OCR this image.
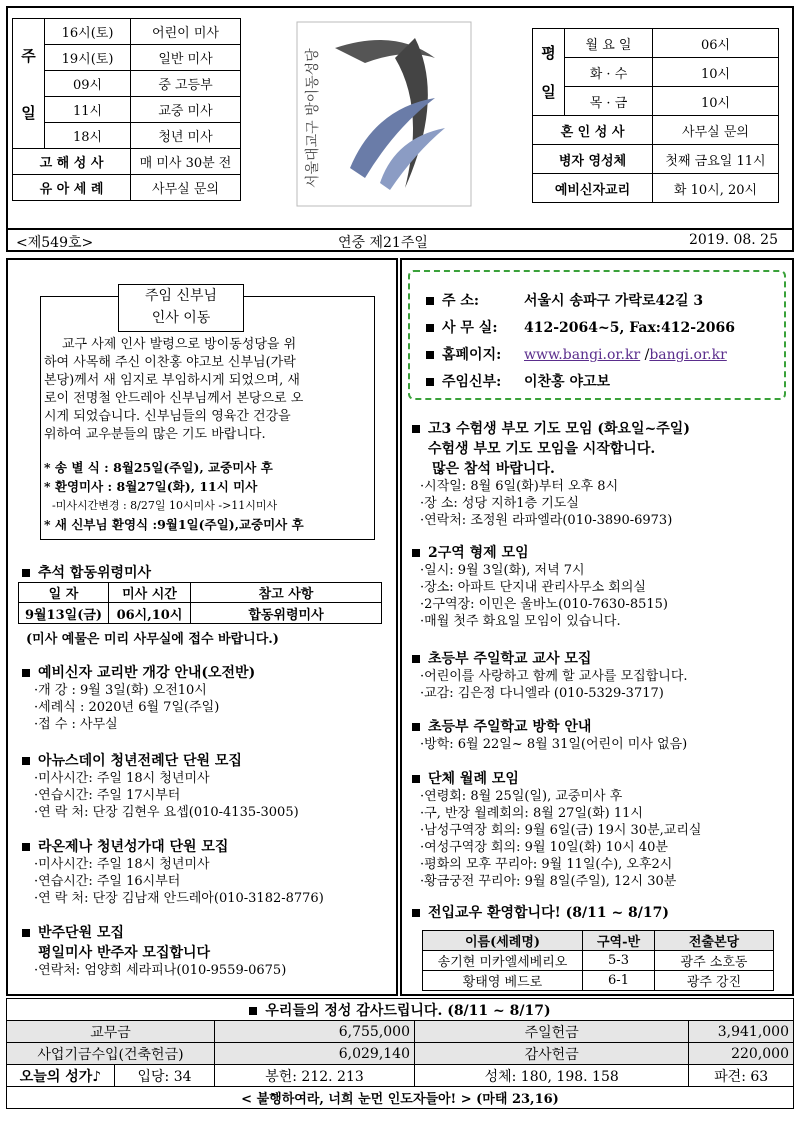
주

일	16시(토)	어린이 미사
	19시(토)	일반 미사
	09시	중 고등부
	11시	교중 미사
	18시	청년 미사
고 해 성 사		매 미사 30분 전
유 아 세 례		사무실 문의
서울대교구 방이동성당	평

일	월 요 일	06시
	화 · 수	10시
	목 · 금	10시
혼 인 성 사		사무실 문의
병자 영성체		첫째 금요일 11시
예비신자교리		화 10시, 20시
<제549호>	연중 제21주일	2019. 08. 25
주임 신부님
인사 이동
교구 사제 인사 발령으로 방이동성당을 위
하여 사목해 주신 이찬홍 야고보 신부님(가락
본당)께서 새 임지로 부임하시게 되었으며, 새
로이 전명철 안드레아 신부님께서 본당으로 오
시게 되었습니다. 신부님들의 영육간 건강을
위하여 교우분들의 많은 기도 바랍니다.
* 송 별 식 : 8월25일(주일), 교중미사 후
* 환영미사 : 8월27일(화), 11시 미사
-미사시간변경 : 8/27일 10시미사 ->11시미사
* 새 신부님 환영식 :9월1일(주일),교중미사 후
추석 합동위령미사
일 자	미사 시간	참고 사항
9월13일(금)	06시,10시	합동위령미사
(미사 예물은 미리 사무실에 접수 바랍니다.)
예비신자 교리반 개강 안내(오전반)
·개 강 : 9월 3일(화) 오전10시
·세례식 : 2020년 6월 7일(주일)
·접 수 : 사무실
아뉴스데이 청년전례단 단원 모집
·미사시간: 주일 18시 청년미사
·연습시간: 주일 17시부터
·연 락 처: 단장 김현우 요셉(010-4135-3005)
라온제나 청년성가대 단원 모집
·미사시간: 주일 18시 청년미사
·연습시간: 주일 16시부터
·연 락 처: 단장 김남재 안드레아(010-3182-8776)
반주단원 모집
평일미사 반주자 모집합니다
·연락처: 엄양희 세라피나(010-9559-0675)
주 소:	서울시 송파구 가락로42길 3
사 무 실: 412-2064~5, Fax:412-2066
홈페이지: www.bangi.or.kr /bangi.or.kr
주임신부: 이찬홍 야고보
고3 수험생 부모 기도 모임 (화요일~주일)
수험생 부모 기도 모임을 시작합니다.
많은 참석 바랍니다.
·시작일: 8월 6일(화)부터 오후 8시
·장 소: 성당 지하1층 기도실
·연락처: 조정원 라파엘라(010-3890-6973)
2구역 형제 모임
·일시: 9월 3일(화), 저녁 7시
·장소: 아파트 단지내 관리사무소 회의실
·2구역장: 이민은 울바노(010-7630-8515)
·매월 첫주 화요일 모임이 있습니다.
초등부 주일학교 교사 모집
·어린이를 사랑하고 함께 할 교사를 모집합니다.
·교감: 김은정 다니엘라 (010-5329-3717)
초등부 주일학교 방학 안내
·방학: 6월 22일~ 8월 31일(어린이 미사 없음)
단체 월례 모임
·연령회: 8월 25일(일), 교중미사 후
·구, 반장 월례회의: 8월 27일(화) 11시
·남성구역장 회의: 9월 6일(금) 19시 30분,교리실
·여성구역장 회의: 9월 10일(화) 10시 40분
·평화의 모후 꾸리아: 9월 11일(수), 오후2시
·황금궁전 꾸리아: 9월 8일(주일), 12시 30분
전입교우 환영합니다! (8/11 ~ 8/17)
이름(세례명)	구역-반	전출본당
송기현 미카엘세베리오	5-3	광주 소호동
황태영 베드로	6-1	광주 강진
우리들의 정성 감사드립니다. (8/11 ~ 8/17)				
교무금		6,755,000	주일헌금	3,941,000
사업기금수입(건축헌금)		6,029,140	감사헌금	220,000
오늘의 성가♪	입당: 34	봉헌: 212. 213	성체: 180, 198. 158	파견: 63
< 불행하여라, 너희 눈먼 인도자들아! > (마태 23,16)				
